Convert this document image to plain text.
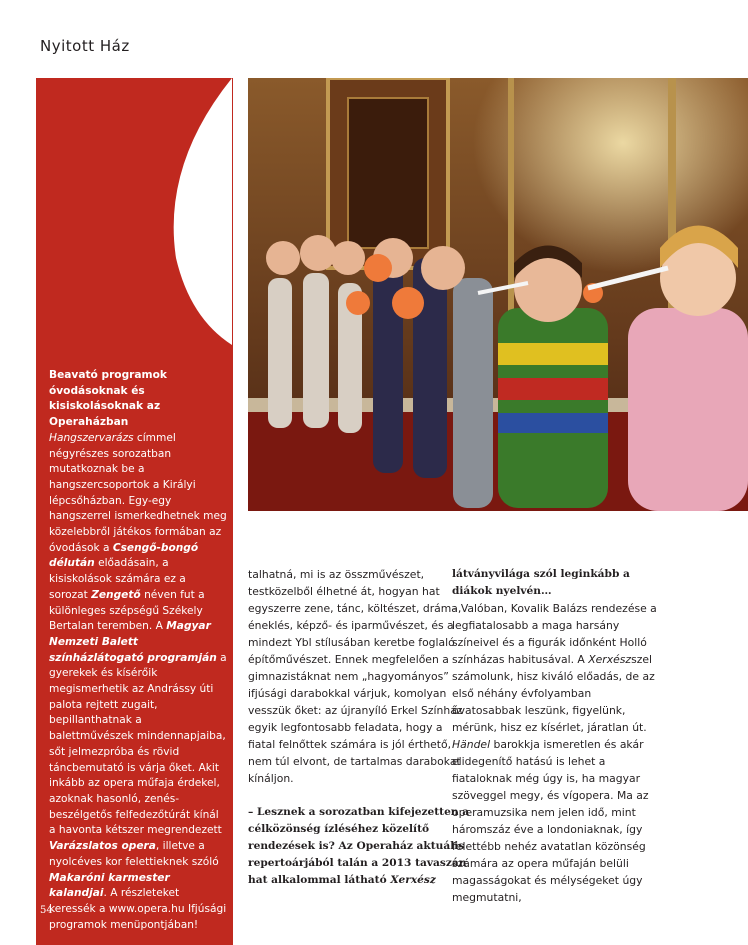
Nyitott Ház

Beavató programok óvodásoknak és kisiskolásoknak az Operaházban

Hangszervarázs címmel négyrészes sorozatban mutatkoznak be a hangszercsoportok a Királyi lépcsőházban. Egy-egy hangszerrel ismerkedhetnek meg közelebbről játékos formában az óvodások a Csengő-bongó délután előadásain, a kisiskolások számára ez a sorozat Zengető néven fut a különleges szépségű Székely Bertalan teremben. A Magyar Nemzeti Balett színházlátogató programján a gyerekek és kísérőik megismerhetik az Andrássy úti palota rejtett zugait, bepillanthatnak a balettművészek mindennapjaiba, sőt jelmezpróba és rövid táncbemutató is várja őket. Akit inkább az opera műfaja érdekel, azoknak hasonló, zenés-beszélgetős felfedezőtúrát kínál a havonta kétszer megrendezett Varázslatos opera, illetve a nyolcéves kor felettieknek szóló Makaróni karmester kalandjai. A részleteket keressék a www.opera.hu Ifjúsági programok menüpontjában!

54

talhatná, mi is az összművészet, testközelből élhetné át, hogyan hat egyszerre zene, tánc, költészet, dráma, éneklés, képző- és iparművészet, és a mindezt Ybl stílusában keretbe foglaló építőművészet. Ennek megfelelően a gimnazistáknat nem „hagyományos” ifjúsági darabokkal várjuk, komolyan vesszük őket: az újranyíló Erkel Színház egyik legfontosabb feladata, hogy a fiatal felnőttek számára is jól érthető, nem túl elvont, de tartalmas darabokat kínáljon.

– Lesznek a sorozatban kifejezetten a célközönség ízléséhez közelítő rendezések is? Az Operaház aktuális repertoárjából talán a 2013 tavaszán hat alkalommal látható Xerxész

látványvilága szól leginkább a diákok nyelvén…

– Valóban, Kovalik Balázs rendezése a legfiatalosabb a maga harsány színeivel és a figurák időnként Holló színházas habitusával. A Xerxészszel számolunk, hisz kiváló előadás, de az első néhány évfolyamban óvatosabbak leszünk, figyelünk, mérünk, hisz ez kísérlet, járatlan út. Händel barokkja ismeretlen és akár elidegenítő hatású is lehet a fiataloknak még úgy is, ha magyar szöveggel megy, és vígopera. Ma az operamuzsika nem jelen idő, mint háromszáz éve a londoniaknak, így felettébb nehéz avatatlan közönség számára az opera műfaján belüli magasságokat és mélységeket úgy megmutatni,
